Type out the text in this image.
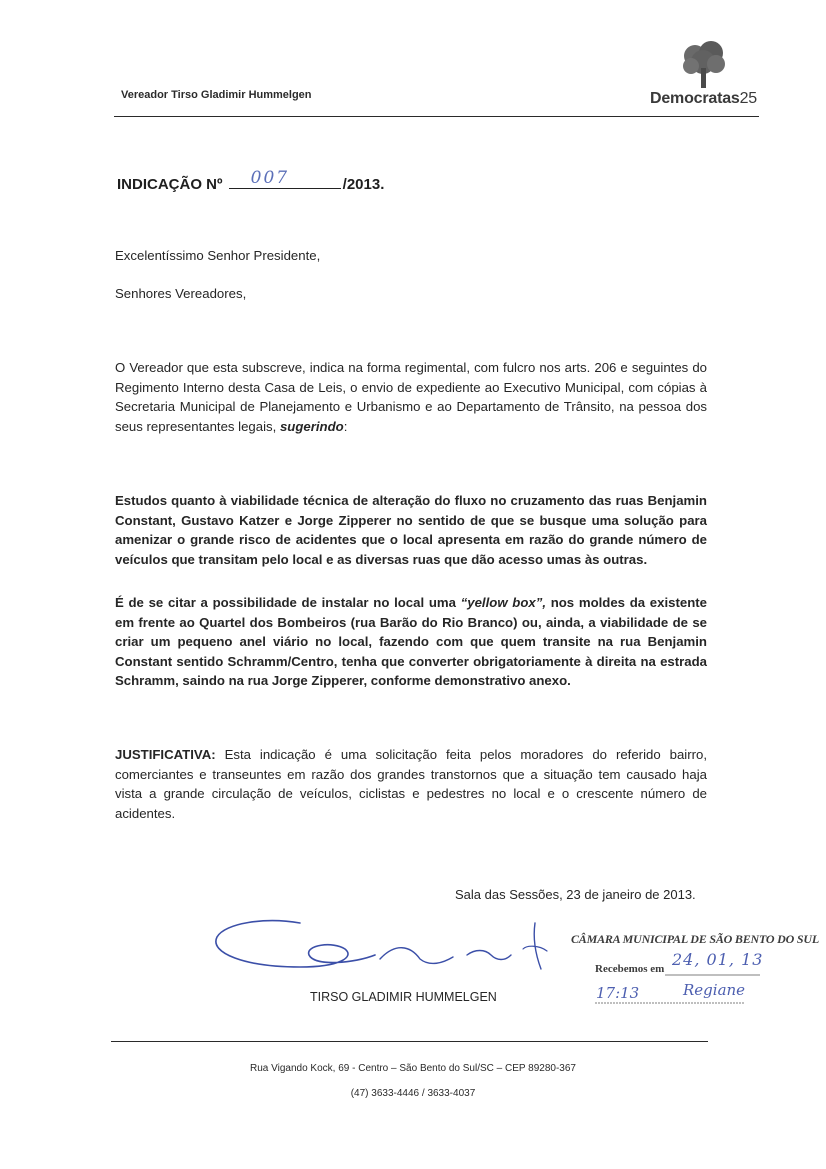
Vereador Tirso Gladimir Hummelgen	Democratas25
INDICAÇÃO Nº 007	/2013.
Excelentíssimo Senhor Presidente,
Senhores Vereadores,
O Vereador que esta subscreve, indica na forma regimental, com fulcro nos arts. 206 e seguintes do Regimento Interno desta Casa de Leis, o envio de expediente ao Executivo Municipal, com cópias à Secretaria Municipal de Planejamento e Urbanismo e ao Departamento de Trânsito, na pessoa dos seus representantes legais, sugerindo:
Estudos quanto à viabilidade técnica de alteração do fluxo no cruzamento das ruas Benjamin Constant, Gustavo Katzer e Jorge Zipperer no sentido de que se busque uma solução para amenizar o grande risco de acidentes que o local apresenta em razão do grande número de veículos que transitam pelo local e as diversas ruas que dão acesso umas às outras.
É de se citar a possibilidade de instalar no local uma “yellow box”, nos moldes da existente em frente ao Quartel dos Bombeiros (rua Barão do Rio Branco) ou, ainda, a viabilidade de se criar um pequeno anel viário no local, fazendo com que quem transite na rua Benjamin Constant sentido Schramm/Centro, tenha que converter obrigatoriamente à direita na estrada Schramm, saindo na rua Jorge Zipperer, conforme demonstrativo anexo.
JUSTIFICATIVA: Esta indicação é uma solicitação feita pelos moradores do referido bairro, comerciantes e transeuntes em razão dos grandes transtornos que a situação tem causado haja vista a grande circulação de veículos, ciclistas e pedestres no local e o crescente número de acidentes.
Sala das Sessões, 23 de janeiro de 2013.
TIRSO GLADIMIR HUMMELGEN
CÂMARA MUNICIPAL DE SÃO BENTO DO SUL
Recebemos em 24, 01, 13
17:13	Regiane
Rua Vigando Kock, 69 - Centro – São Bento do Sul/SC – CEP 89280-367
(47) 3633-4446 / 3633-4037
